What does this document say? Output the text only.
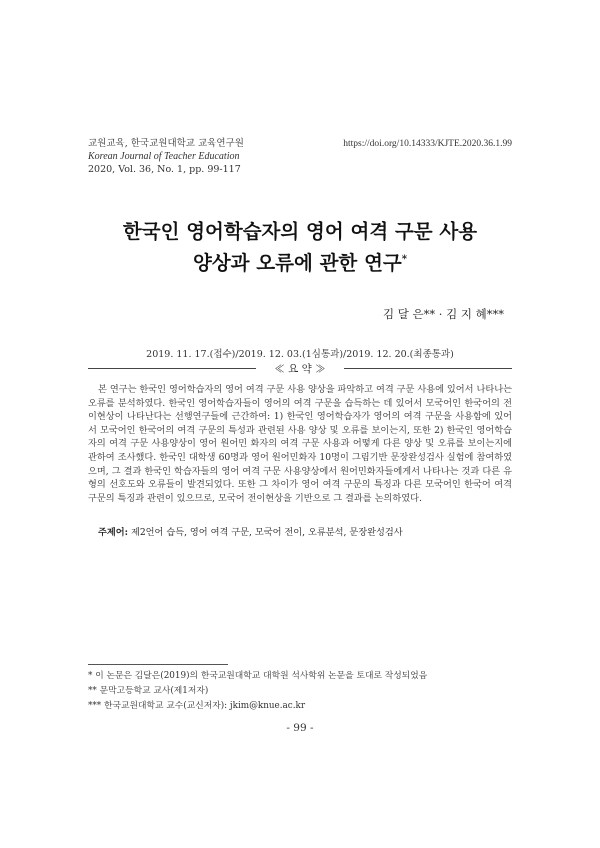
교원교육, 한국교원대학교 교육연구원
Korean Journal of Teacher Education
2020, Vol. 36, No. 1, pp. 99-117
https://doi.org/10.14333/KJTE.2020.36.1.99
한국인 영어학습자의 영어 여격 구문 사용
양상과 오류에 관한 연구*
김 달 은** · 김 지 혜***
2019. 11. 17.(접수)/2019. 12. 03.(1심통과)/2019. 12. 20.(최종통과)
≪ 요 약 ≫

본 연구는 한국인 영어학습자의 영어 여격 구문 사용 양상을 파악하고 여격 구문 사용에 있어서 나타나는 오류를 분석하였다. 한국인 영어학습자들이 영어의 여격 구문을 습득하는 데 있어서 모국어인 한국어의 전이현상이 나타난다는 선행연구들에 근간하여: 1) 한국인 영어학습자가 영어의 여격 구문을 사용함에 있어서 모국어인 한국어의 여격 구문의 특성과 관련된 사용 양상 및 오류를 보이는지, 또한 2) 한국인 영어학습자의 여격 구문 사용양상이 영어 원어민 화자의 여격 구문 사용과 어떻게 다른 양상 및 오류를 보이는지에 관하여 조사했다. 한국인 대학생 60명과 영어 원어민화자 10명이 그림기반 문장완성검사 실험에 참여하였으며, 그 결과 한국인 학습자들의 영어 여격 구문 사용양상에서 원어민화자들에게서 나타나는 것과 다른 유형의 선호도와 오류들이 발견되었다. 또한 그 차이가 영어 여격 구문의 특징과 다른 모국어인 한국어 여격 구문의 특징과 관련이 있으므로, 모국어 전이현상을 기반으로 그 결과를 논의하였다.

주제어: 제2언어 습득, 영어 여격 구문, 모국어 전이, 오류분석, 문장완성검사
* 이 논문은 김달은(2019)의 한국교원대학교 대학원 석사학위 논문을 토대로 작성되었음
** 문막고등학교 교사(제1저자)
*** 한국교원대학교 교수(교신저자): jkim@knue.ac.kr
- 99 -
